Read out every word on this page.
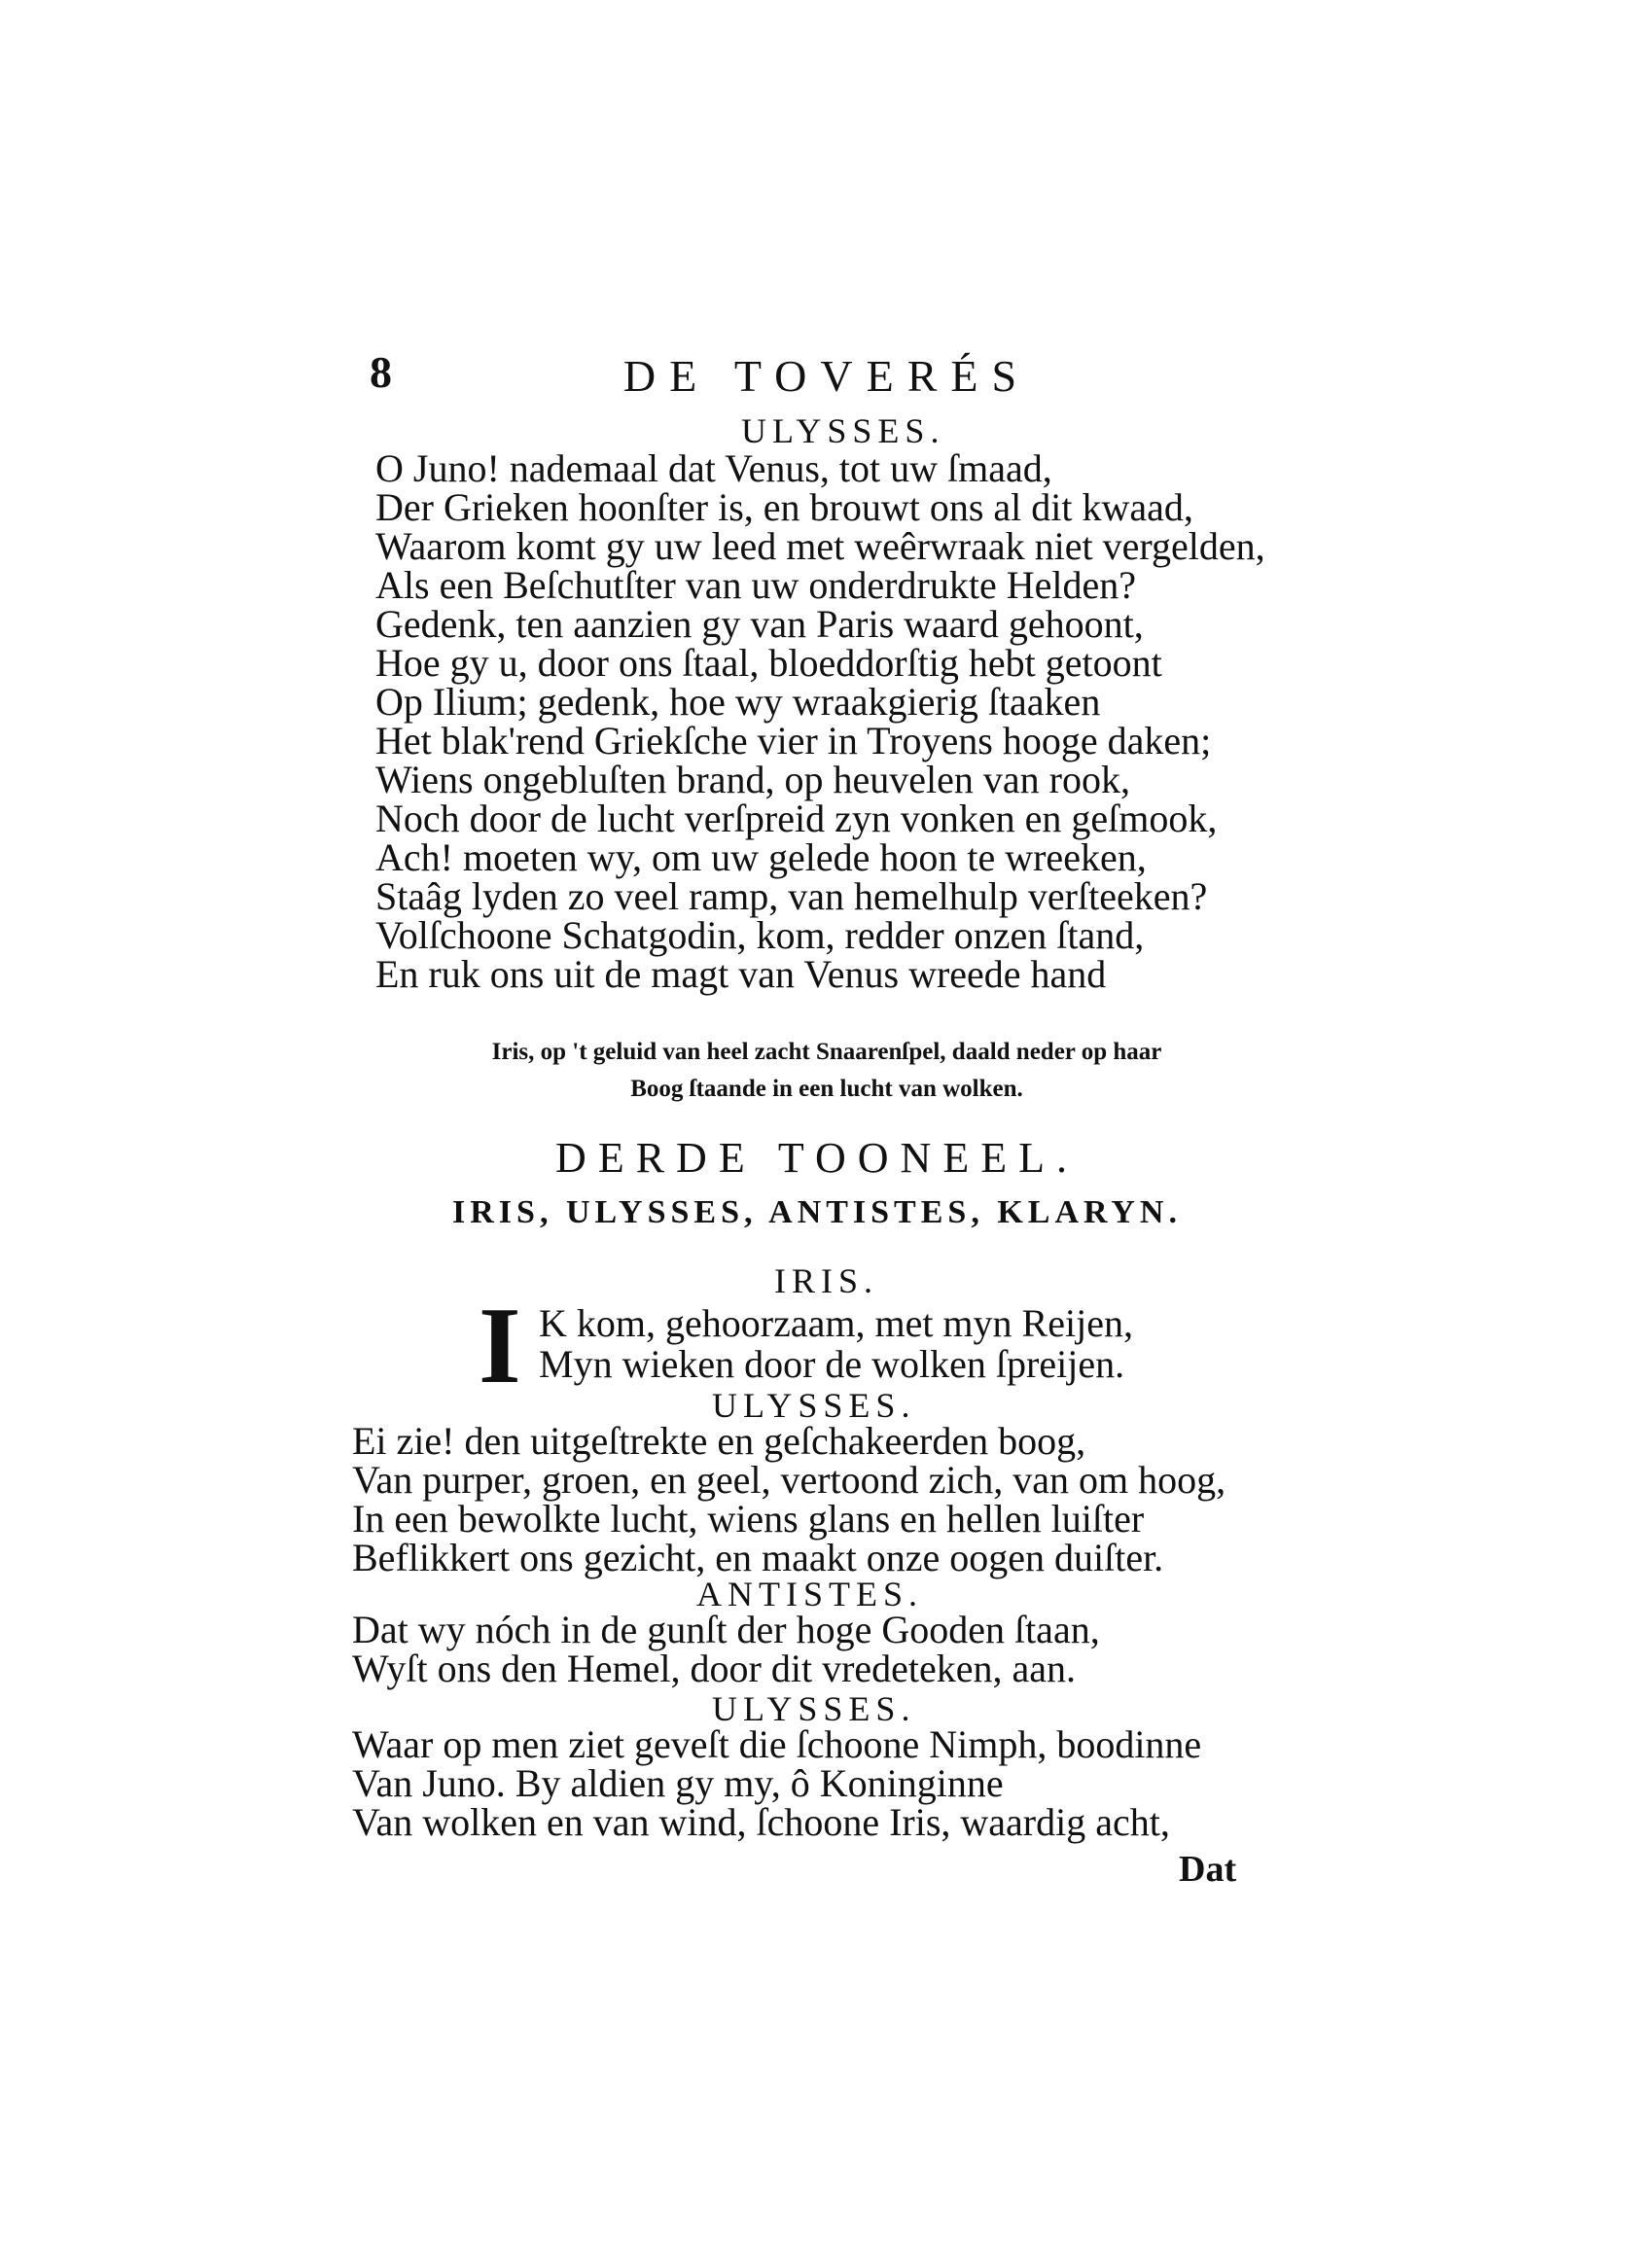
8	DE TOVERÉS
ULYSSES.
O Juno! nademaal dat Venus, tot uw ſmaad,
Der Grieken hoonſter is, en brouwt ons al dit kwaad,
Waarom komt gy uw leed met weêrwraak niet vergelden,
Als een Beſchutſter van uw onderdrukte Helden?
Gedenk, ten aanzien gy van Paris waard gehoont,
Hoe gy u, door ons ſtaal, bloeddorſtig hebt getoont
Op Ilium; gedenk, hoe wy wraakgierig ſtaaken
Het blak'rend Griekſche vier in Troyens hooge daken;
Wiens ongebluſten brand, op heuvelen van rook,
Noch door de lucht verſpreid zyn vonken en geſmook,
Ach! moeten wy, om uw gelede hoon te wreeken,
Staâg lyden zo veel ramp, van hemelhulp verſteeken?
Volſchoone Schatgodin, kom, redder onzen ſtand,
En ruk ons uit de magt van Venus wreede hand
Iris, op 't geluid van heel zacht Snaarenſpel, daald neder op haar
Boog ſtaande in een lucht van wolken.
DERDE TOONEEL.
IRIS, ULYSSES, ANTISTES, KLARYN.
IRIS.
I K kom, gehoorzaam, met myn Reijen,
Myn wieken door de wolken ſpreijen.
ULYSSES.
Ei zie! den uitgeſtrekte en geſchakeerden boog,
Van purper, groen, en geel, vertoond zich, van om hoog,
In een bewolkte lucht, wiens glans en hellen luiſter
Beflikkert ons gezicht, en maakt onze oogen duiſter.
ANTISTES.
Dat wy nóch in de gunſt der hoge Gooden ſtaan,
Wyſt ons den Hemel, door dit vredeteken, aan.
ULYSSES.
Waar op men ziet geveſt die ſchoone Nimph, boodinne
Van Juno. By aldien gy my, ô Koninginne
Van wolken en van wind, ſchoone Iris, waardig acht,
Dat
